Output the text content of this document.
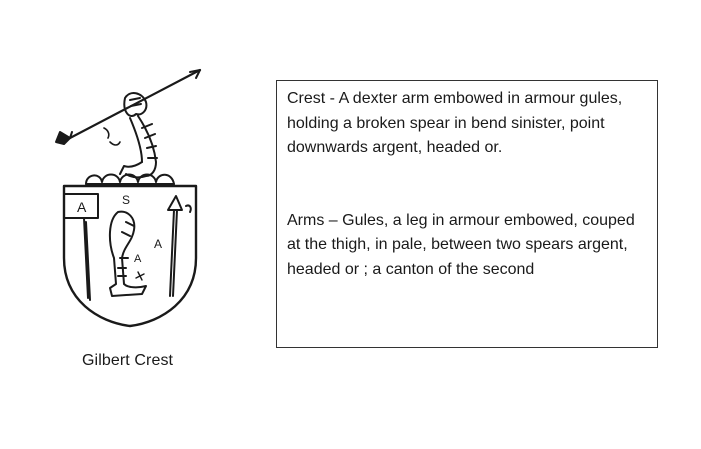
A	S
A
A
Gilbert Crest

Crest - A dexter arm embowed in armour gules, holding a broken spear in bend sinister, point downwards argent, headed or.

Arms – Gules, a leg in armour embowed, couped at the thigh, in pale, between two spears argent, headed or ; a canton of the second
